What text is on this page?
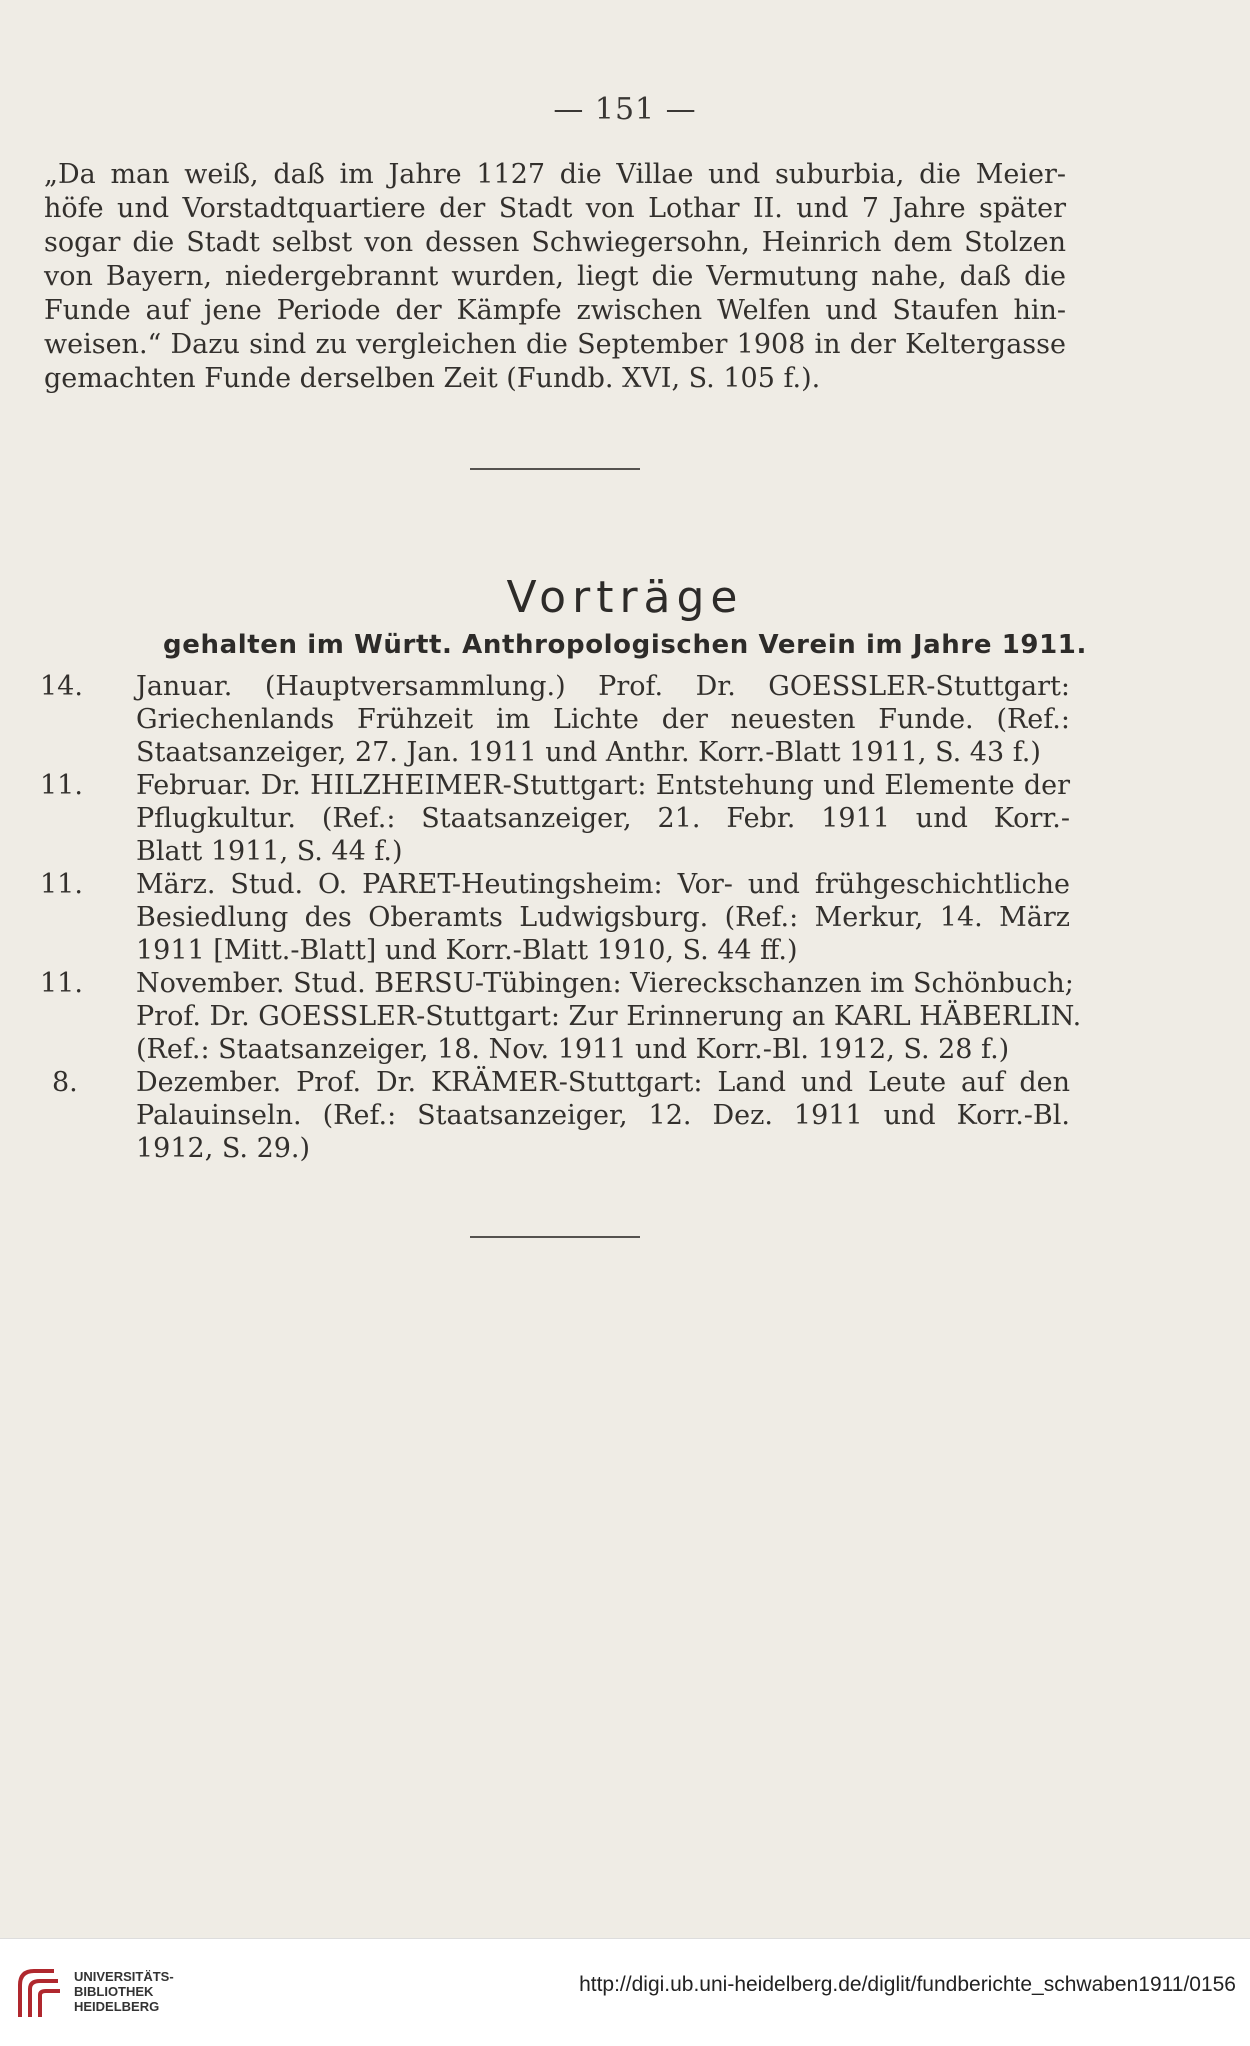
— 151 —
„Da man weiß, daß im Jahre 1127 die Villae und suburbia, die Meier-
höfe und Vorstadtquartiere der Stadt von Lothar II. und 7 Jahre später
sogar die Stadt selbst von dessen Schwiegersohn, Heinrich dem Stolzen
von Bayern, niedergebrannt wurden, liegt die Vermutung nahe, daß die
Funde auf jene Periode der Kämpfe zwischen Welfen und Staufen hin-
weisen.“ Dazu sind zu vergleichen die September 1908 in der Keltergasse
gemachten Funde derselben Zeit (Fundb. XVI, S. 105 f.).
Vorträge
gehalten im Württ. Anthropologischen Verein im Jahre 1911.
14. Januar. (Hauptversammlung.) Prof. Dr. GOESSLER-Stuttgart:
Griechenlands Frühzeit im Lichte der neuesten Funde. (Ref.:
Staatsanzeiger, 27. Jan. 1911 und Anthr. Korr.-Blatt 1911, S. 43 f.)
11. Februar. Dr. HILZHEIMER-Stuttgart: Entstehung und Elemente der
Pflugkultur. (Ref.: Staatsanzeiger, 21. Febr. 1911 und Korr.-
Blatt 1911, S. 44 f.)
11. März. Stud. O. PARET-Heutingsheim: Vor- und frühgeschichtliche
Besiedlung des Oberamts Ludwigsburg. (Ref.: Merkur, 14. März
1911 [Mitt.-Blatt] und Korr.-Blatt 1910, S. 44 ff.)
11. November. Stud. BERSU-Tübingen: Viereckschanzen im Schönbuch;
Prof. Dr. GOESSLER-Stuttgart: Zur Erinnerung an KARL HÄBERLIN.
(Ref.: Staatsanzeiger, 18. Nov. 1911 und Korr.-Bl. 1912, S. 28 f.)
8. Dezember. Prof. Dr. KRÄMER-Stuttgart: Land und Leute auf den
Palauinseln. (Ref.: Staatsanzeiger, 12. Dez. 1911 und Korr.-Bl.
1912, S. 29.)
UNIVERSITÄTS-
BIBLIOTHEK
HEIDELBERG
http://digi.ub.uni-heidelberg.de/diglit/fundberichte_schwaben1911/0156
